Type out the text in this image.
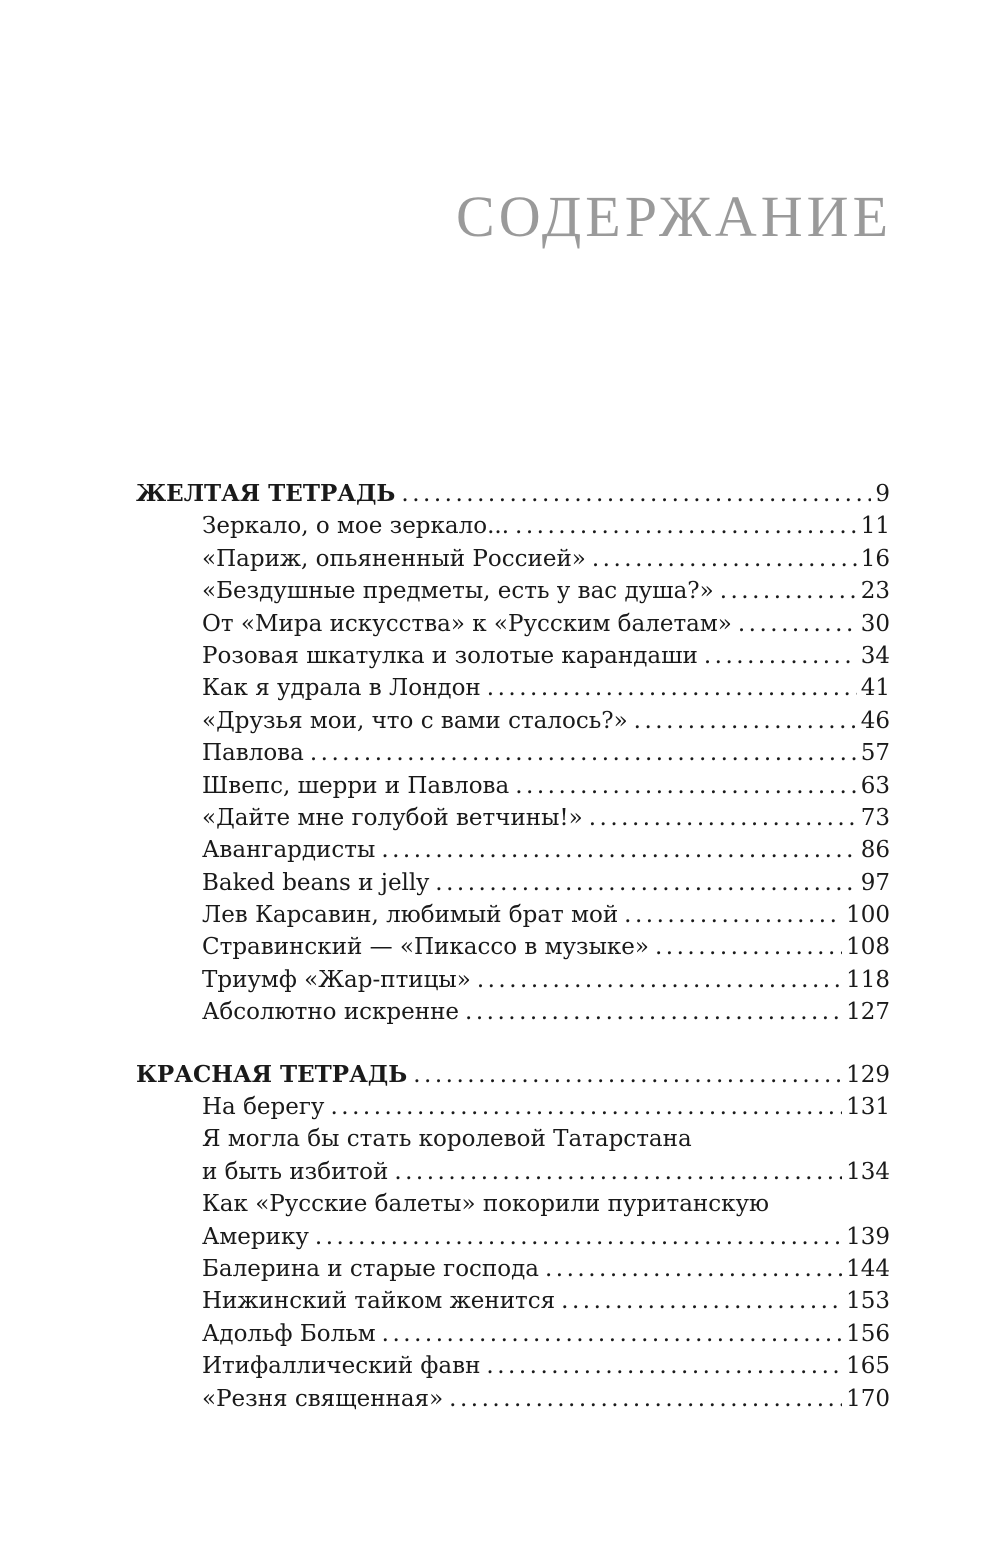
СОДЕРЖАНИЕ
ЖЕЛТАЯ ТЕТРАДЬ .....	9
Зеркало, о мое зеркало... .....	11
«Париж, опьяненный Россией» .....	16
«Бездушные предметы, есть у вас душа?» .....	23
От «Мира искусства» к «Русским балетам» .....	30
Розовая шкатулка и золотые карандаши .....	34
Как я удрала в Лондон .....	41
«Друзья мои, что с вами сталось?» .....	46
Павлова .....	57
Швепс, шерри и Павлова .....	63
«Дайте мне голубой ветчины!» .....	73
Авангардисты .....	86
Baked beans и jelly .....	97
Лев Карсавин, любимый брат мой .....	100
Стравинский — «Пикассо в музыке» .....	108
Триумф «Жар-птицы» .....	118
Абсолютно искренне .....	127
КРАСНАЯ ТЕТРАДЬ .....	129
На берегу .....	131
Я могла бы стать королевой Татарстана
и быть избитой .....	134
Как «Русские балеты» покорили пуританскую
Америку .....	139
Балерина и старые господа .....	144
Нижинский тайком женится .....	153
Адольф Больм .....	156
Итифаллический фавн .....	165
«Резня священная» .....	170
